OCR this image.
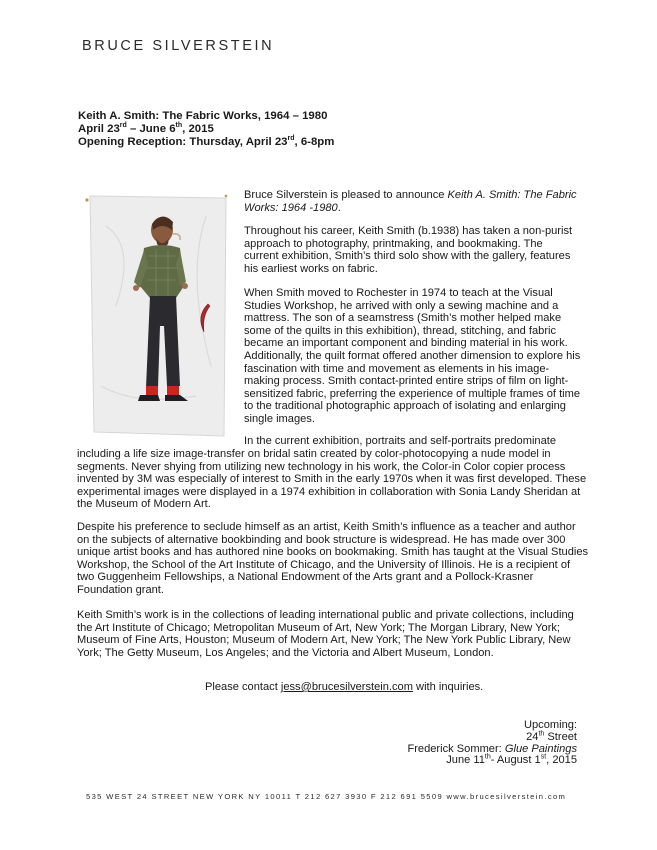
BRUCE SILVERSTEIN
Keith A. Smith: The Fabric Works, 1964 – 1980
April 23rd – June 6th, 2015
Opening Reception: Thursday, April 23rd, 6-8pm
Bruce Silverstein is pleased to announce Keith A. Smith: The Fabric Works: 1964 -1980.
Throughout his career, Keith Smith (b.1938) has taken a non-purist approach to photography, printmaking, and bookmaking. The current exhibition, Smith’s third solo show with the gallery, features his earliest works on fabric.
When Smith moved to Rochester in 1974 to teach at the Visual Studies Workshop, he arrived with only a sewing machine and a mattress. The son of a seamstress (Smith’s mother helped make some of the quilts in this exhibition), thread, stitching, and fabric became an important component and binding material in his work. Additionally, the quilt format offered another dimension to explore his fascination with time and movement as elements in his image-making process. Smith contact-printed entire strips of film on light-sensitized fabric, preferring the experience of multiple frames of time to the traditional photographic approach of isolating and enlarging single images.
In the current exhibition, portraits and self-portraits predominate
including a life size image-transfer on bridal satin created by color-photocopying a nude model in segments. Never shying from utilizing new technology in his work, the Color-in Color copier process invented by 3M was especially of interest to Smith in the early 1970s when it was first developed. These experimental images were displayed in a 1974 exhibition in collaboration with Sonia Landy Sheridan at the Museum of Modern Art.
Despite his preference to seclude himself as an artist, Keith Smith’s influence as a teacher and author on the subjects of alternative bookbinding and book structure is widespread. He has made over 300 unique artist books and has authored nine books on bookmaking. Smith has taught at the Visual Studies Workshop, the School of the Art Institute of Chicago, and the University of Illinois. He is a recipient of two Guggenheim Fellowships, a National Endowment of the Arts grant and a Pollock-Krasner Foundation grant.
Keith Smith’s work is in the collections of leading international public and private collections, including the Art Institute of Chicago; Metropolitan Museum of Art, New York; The Morgan Library, New York; Museum of Fine Arts, Houston; Museum of Modern Art, New York; The New York Public Library, New York; The Getty Museum, Los Angeles; and the Victoria and Albert Museum, London.
Please contact jess@brucesilverstein.com with inquiries.
Upcoming:
24th Street
Frederick Sommer: Glue Paintings
June 11th- August 1st, 2015
535 WEST 24 STREET NEW YORK NY 10011 T 212 627 3930 F 212 691 5509 www.brucesilverstein.com
